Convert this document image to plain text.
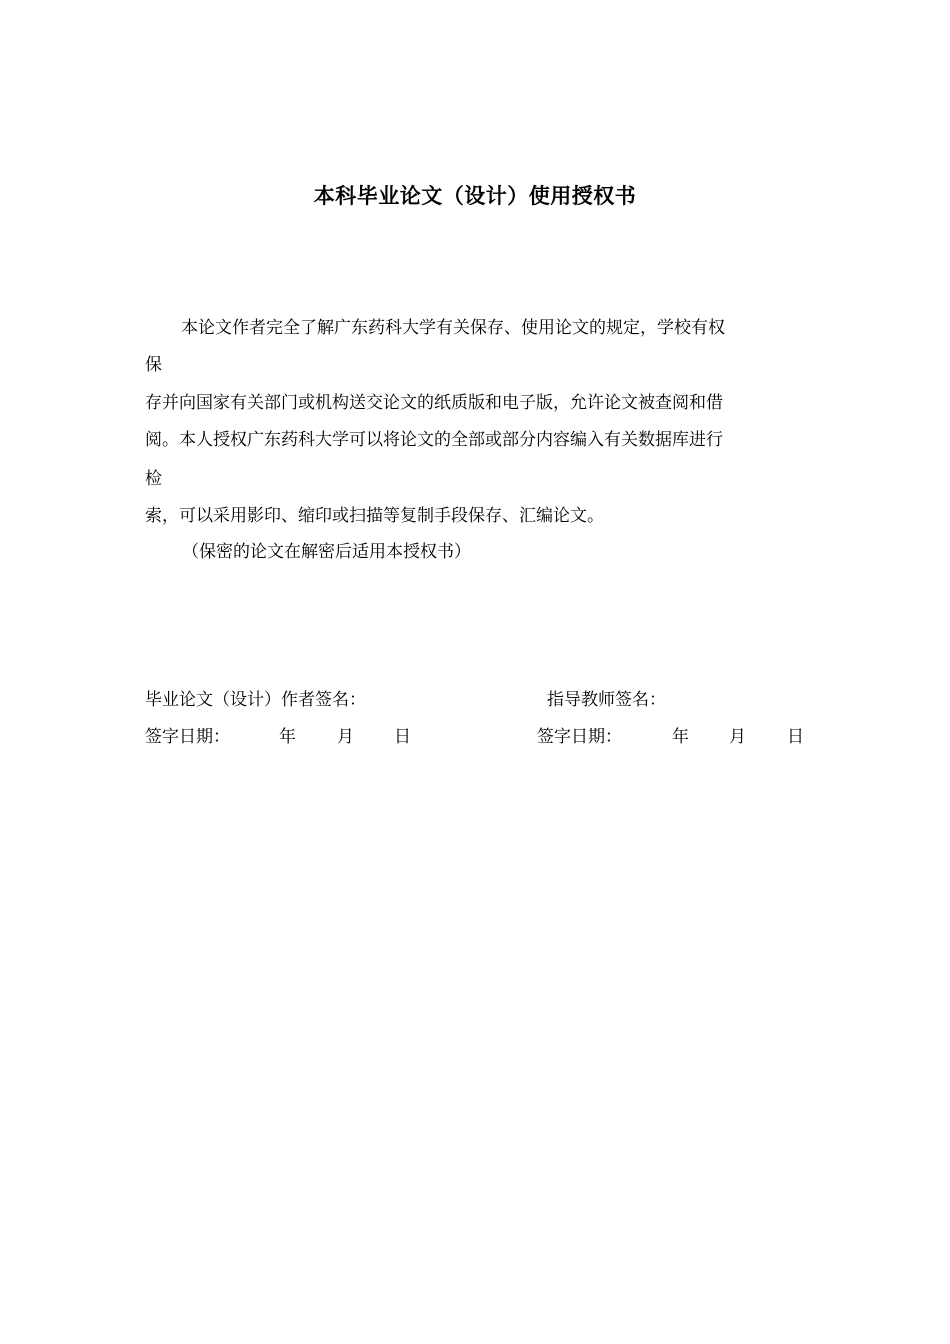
本科毕业论文（设计）使用授权书
本论文作者完全了解广东药科大学有关保存、使用论文的规定，学校有权
保
存并向国家有关部门或机构送交论文的纸质版和电子版，允许论文被查阅和借
阅。本人授权广东药科大学可以将论文的全部或部分内容编入有关数据库进行
检
索，可以采用影印、缩印或扫描等复制手段保存、汇编论文。
（保密的论文在解密后适用本授权书）
毕业论文（设计）作者签名：	指导教师签名：
签字日期：	年 月 日	签字日期：	年 月 日
